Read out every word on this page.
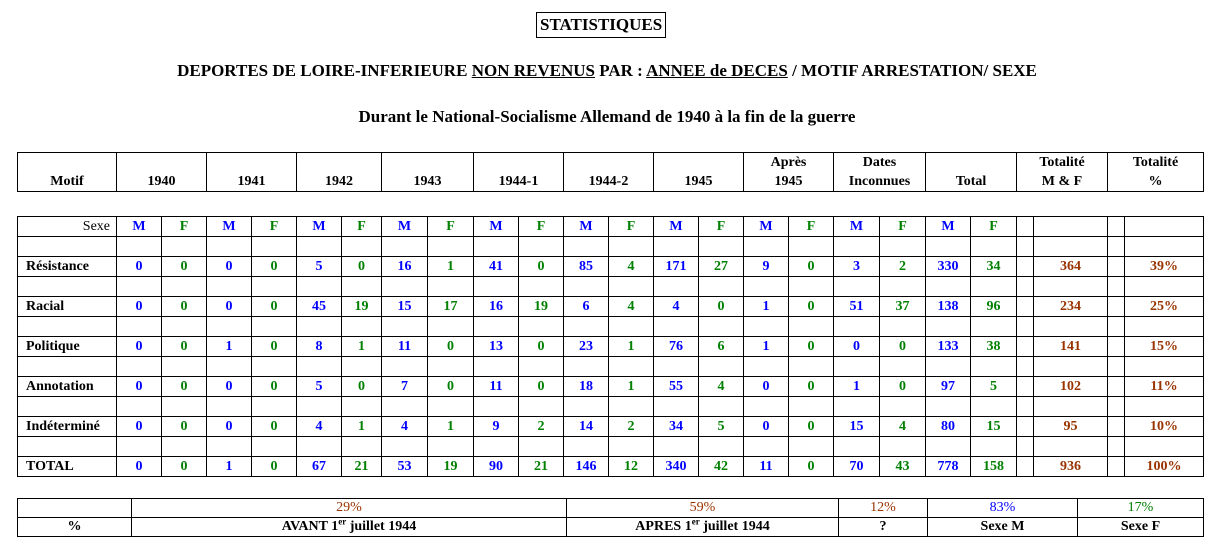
STATISTIQUES
DEPORTES DE LOIRE-INFERIEURE NON REVENUS PAR : ANNEE de DECES / MOTIF ARRESTATION/ SEXE
Durant le National-Socialisme Allemand de 1940 à la fin de la guerre
								Après	Dates		Totalité	Totalité
Motif	1940	1941	1942	1943	1944-1	1944-2	1945	1945	Inconnues	Total	M & F	%
Sexe	M	F	M	F	M	F	M	F	M	F	M	F	M	F	M	F	M	F	M	F				

Résistance	0	0	0	0	5	0	16	1	41	0	85	4	171	27	9	0	3	2	330	34		364		39%

Racial	0	0	0	0	45	19	15	17	16	19	6	4	4	0	1	0	51	37	138	96		234		25%

Politique	0	0	1	0	8	1	11	0	13	0	23	1	76	6	1	0	0	0	133	38		141		15%

Annotation	0	0	0	0	5	0	7	0	11	0	18	1	55	4	0	0	1	0	97	5		102		11%

Indéterminé	0	0	0	0	4	1	4	1	9	2	14	2	34	5	0	0	15	4	80	15		95		10%

TOTAL	0	0	1	0	67	21	53	19	90	21	146	12	340	42	11	0	70	43	778	158		936		100%
	29%	59%	12%	83%	17%
%	AVANT 1er juillet 1944	APRES 1er juillet 1944	?	Sexe M	Sexe F
